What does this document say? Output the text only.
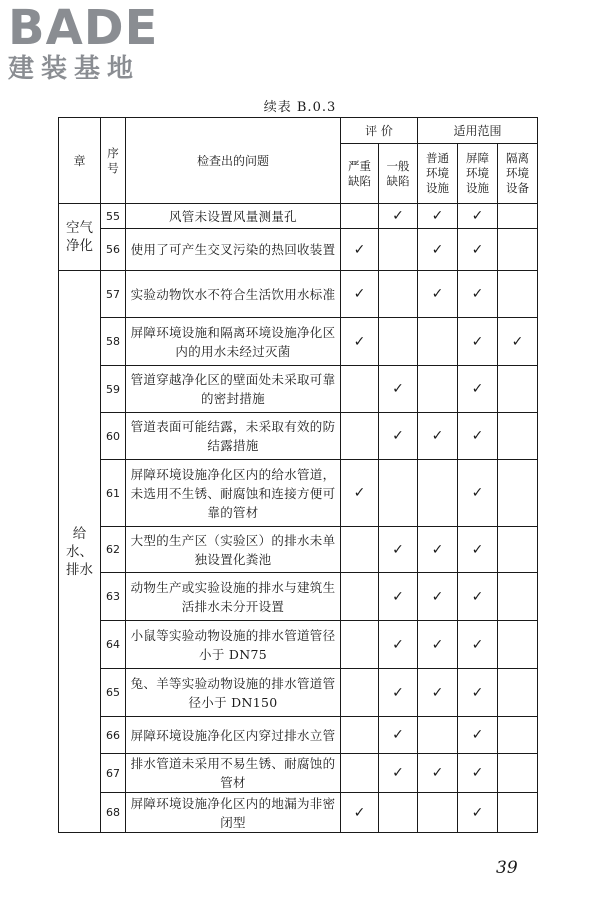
BADE
建装基地
续表 B.0.3
章	序号	检查出的问题	评 价		适用范围		
			严重缺陷	一般缺陷	普通环境设施	屏障环境设施	隔离环境设备
空气净化	55	风管未设置风量测量孔		✓	✓	✓	
	56	使用了可产生交叉污染的热回收装置	✓		✓	✓	
给水、排水	57	实验动物饮水不符合生活饮用水标准	✓		✓	✓	
	58	屏障环境设施和隔离环境设施净化区内的用水未经过灭菌	✓			✓	✓
	59	管道穿越净化区的壁面处未采取可靠的密封措施		✓		✓	
	60	管道表面可能结露，未采取有效的防结露措施		✓	✓	✓	
	61	屏障环境设施净化区内的给水管道，未选用不生锈、耐腐蚀和连接方便可靠的管材	✓			✓	
	62	大型的生产区（实验区）的排水未单独设置化粪池		✓	✓	✓	
	63	动物生产或实验设施的排水与建筑生活排水未分开设置		✓	✓	✓	
	64	小鼠等实验动物设施的排水管道管径小于 DN75		✓	✓	✓	
	65	兔、羊等实验动物设施的排水管道管径小于 DN150		✓	✓	✓	
	66	屏障环境设施净化区内穿过排水立管		✓		✓	
	67	排水管道未采用不易生锈、耐腐蚀的管材		✓	✓	✓	
	68	屏障环境设施净化区内的地漏为非密闭型	✓			✓	
39
